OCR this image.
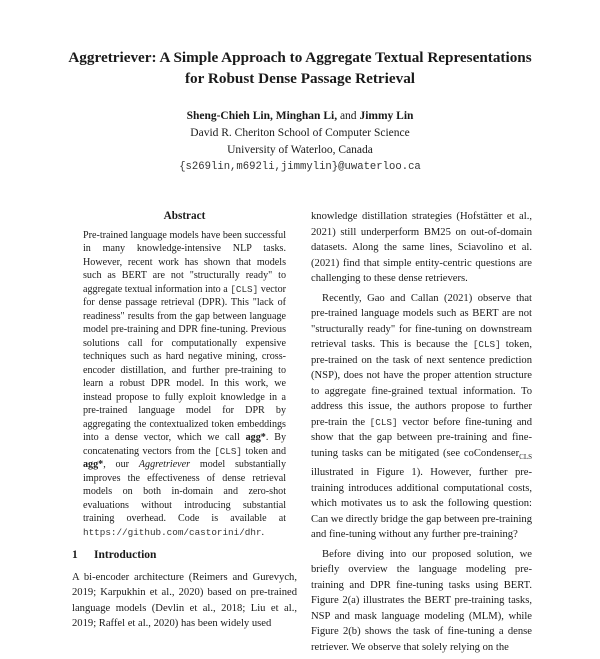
Aggretriever: A Simple Approach to Aggregate Textual Representations
for Robust Dense Passage Retrieval
Sheng-Chieh Lin, Minghan Li, and Jimmy Lin
David R. Cheriton School of Computer Science
University of Waterloo, Canada
{s269lin,m692li,jimmylin}@uwaterloo.ca
Abstract

Pre-trained language models have been successful in many knowledge-intensive NLP tasks. However, recent work has shown that models such as BERT are not "structurally ready" to aggregate textual information into a [CLS] vector for dense passage retrieval (DPR). This "lack of readiness" results from the gap between language model pre-training and DPR fine-tuning. Previous solutions call for computationally expensive techniques such as hard negative mining, cross-encoder distillation, and further pre-training to learn a robust DPR model. In this work, we instead propose to fully exploit knowledge in a pre-trained language model for DPR by aggregating the contextualized token embeddings into a dense vector, which we call agg*. By concatenating vectors from the [CLS] token and agg*, our Aggretriever model substantially improves the effectiveness of dense retrieval models on both in-domain and zero-shot evaluations without introducing substantial training overhead. Code is available at https://github.com/castorini/dhr.

1 Introduction

A bi-encoder architecture (Reimers and Gurevych, 2019; Karpukhin et al., 2020) based on pre-trained language models (Devlin et al., 2018; Liu et al., 2019; Raffel et al., 2020) has been widely used

knowledge distillation strategies (Hofstätter et al., 2021) still underperform BM25 on out-of-domain datasets. Along the same lines, Sciavolino et al. (2021) find that simple entity-centric questions are challenging to these dense retrievers.

Recently, Gao and Callan (2021) observe that pre-trained language models such as BERT are not "structurally ready" for fine-tuning on downstream retrieval tasks. This is because the [CLS] token, pre-trained on the task of next sentence prediction (NSP), does not have the proper attention structure to aggregate fine-grained textual information. To address this issue, the authors propose to further pre-train the [CLS] vector before fine-tuning and show that the gap between pre-training and fine-tuning tasks can be mitigated (see coCondenser$_{CLS}$ illustrated in Figure 1). However, further pre-training introduces additional computational costs, which motivates us to ask the following question: Can we directly bridge the gap between pre-training and fine-tuning without any further pre-training?

Before diving into our proposed solution, we briefly overview the language modeling pre-training and DPR fine-tuning tasks using BERT. Figure 2(a) illustrates the BERT pre-training tasks, NSP and mask language modeling (MLM), while Figure 2(b) shows the task of fine-tuning a dense retriever. We observe that solely relying on the
